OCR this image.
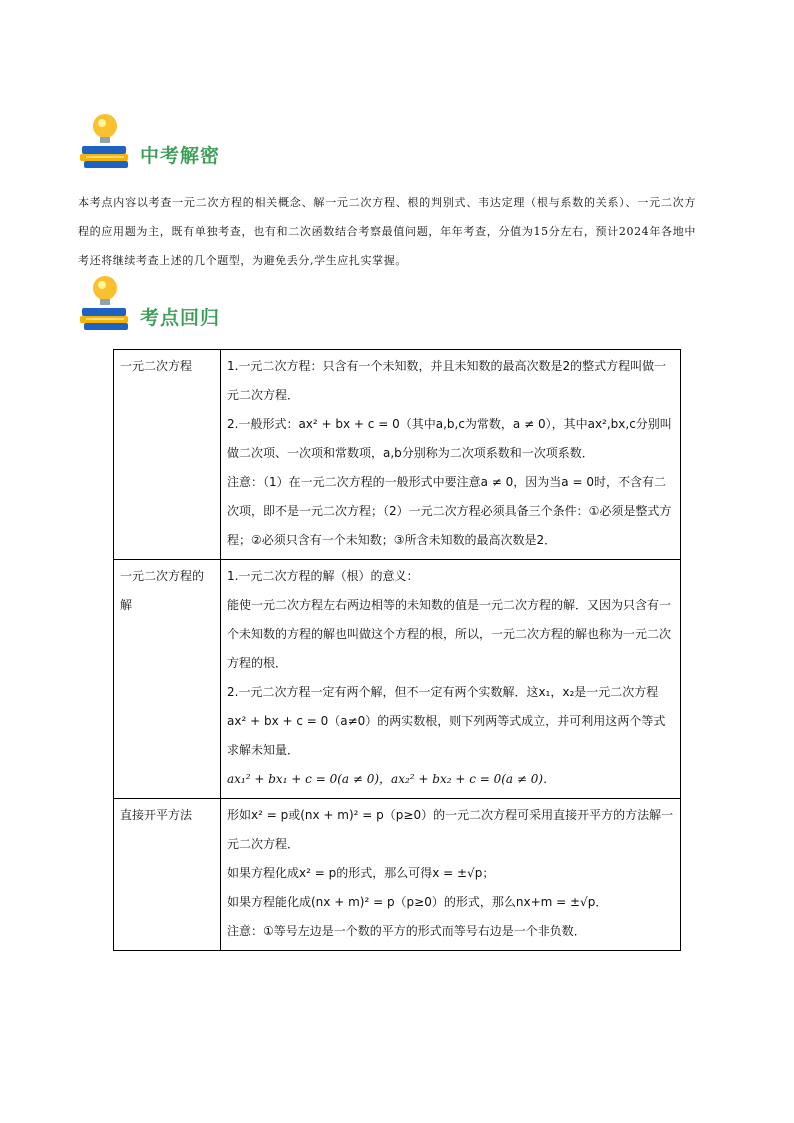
中考解密
本考点内容以考查一元二次方程的相关概念、解一元二次方程、根的判别式、韦达定理（根与系数的关系）、一元二次方程的应用题为主，既有单独考查，也有和二次函数结合考察最值问题，年年考查，分值为15分左右，预计2024年各地中考还将继续考查上述的几个题型，为避免丢分,学生应扎实掌握。
考点回归
一元二次方程	1.一元二次方程：只含有一个未知数，并且未知数的最高次数是2的整式方程叫做一元二次方程．

2.一般形式：ax² + bx + c = 0（其中a,b,c为常数，a ≠ 0），其中ax²,bx,c分别叫做二次项、一次项和常数项，a,b分别称为二次项系数和一次项系数．

注意：（1）在一元二次方程的一般形式中要注意a ≠ 0，因为当a = 0时，不含有二次项，即不是一元二次方程；（2）一元二次方程必须具备三个条件：①必须是整式方程；②必须只含有一个未知数；③所含未知数的最高次数是2．

一元二次方程的解	1.一元二次方程的解（根）的意义：

能使一元二次方程左右两边相等的未知数的值是一元二次方程的解．又因为只含有一个未知数的方程的解也叫做这个方程的根，所以，一元二次方程的解也称为一元二次方程的根．

2.一元二次方程一定有两个解，但不一定有两个实数解．这x₁，x₂是一元二次方程ax² + bx + c = 0（a≠0）的两实数根，则下列两等式成立，并可利用这两个等式求解未知量．

ax₁² + bx₁ + c = 0(a ≠ 0)，ax₂² + bx₂ + c = 0(a ≠ 0)．

直接开平方法	形如x² = p或(nx + m)² = p（p≥0）的一元二次方程可采用直接开平方的方法解一元二次方程．

如果方程化成x² = p的形式，那么可得x = ±√p；

如果方程能化成(nx + m)² = p（p≥0）的形式，那么nx+m = ±√p．

注意：①等号左边是一个数的平方的形式而等号右边是一个非负数．
